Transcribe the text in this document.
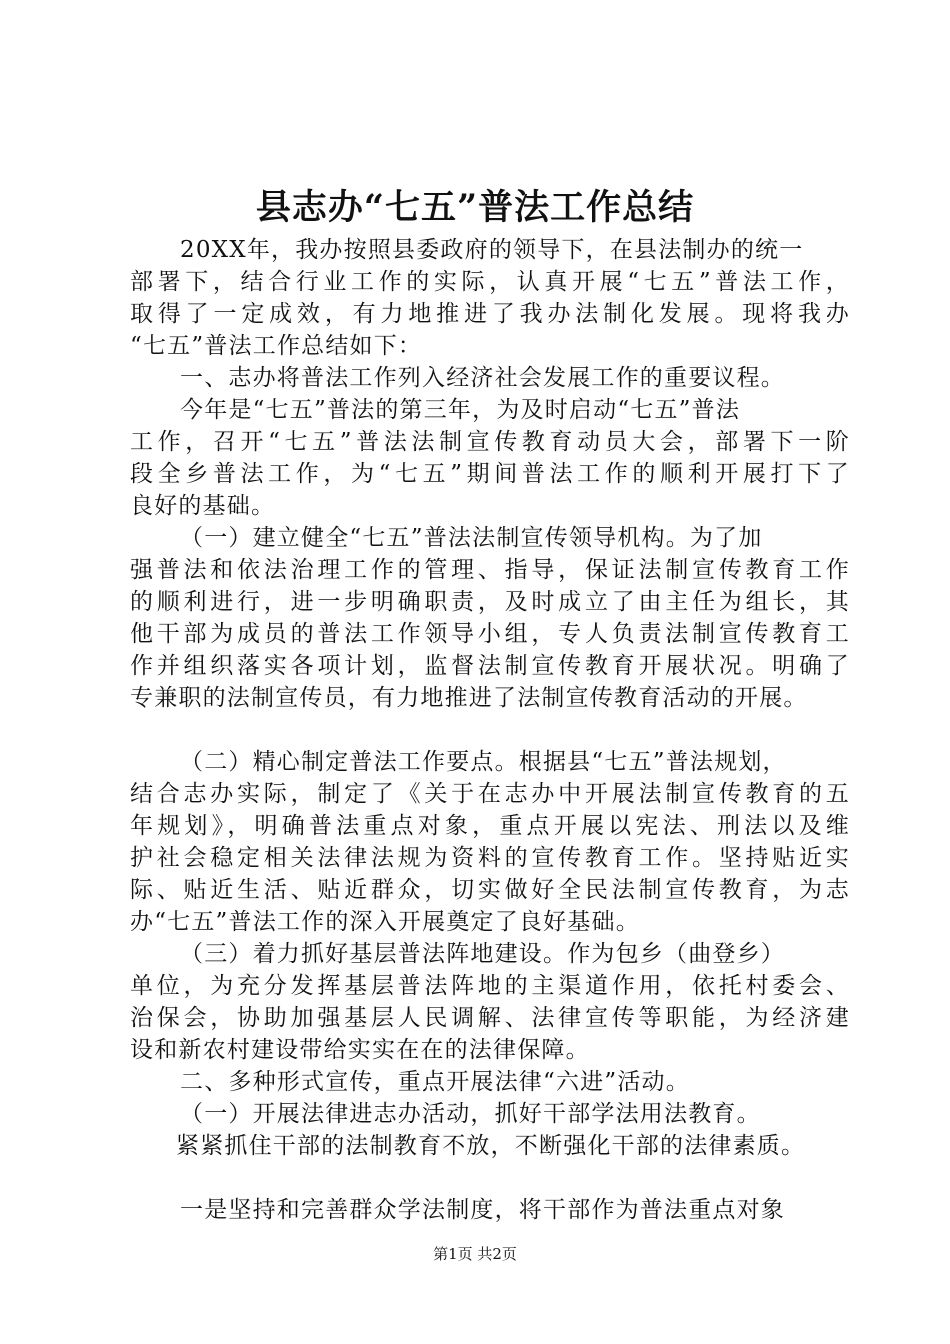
县志办“七五”普法工作总结
20XX年，我办按照县委政府的领导下，在县法制办的统一
部署下，结合行业工作的实际，认真开展“七五”普法工作，
取得了一定成效，有力地推进了我办法制化发展。现将我办
“七五”普法工作总结如下：
一、志办将普法工作列入经济社会发展工作的重要议程。
今年是“七五”普法的第三年，为及时启动“七五”普法
工作，召开“七五”普法法制宣传教育动员大会，部署下一阶
段全乡普法工作，为“七五”期间普法工作的顺利开展打下了
良好的基础。
（一）建立健全“七五”普法法制宣传领导机构。为了加
强普法和依法治理工作的管理、指导，保证法制宣传教育工作
的顺利进行，进一步明确职责，及时成立了由主任为组长，其
他干部为成员的普法工作领导小组，专人负责法制宣传教育工
作并组织落实各项计划，监督法制宣传教育开展状况。明确了
专兼职的法制宣传员，有力地推进了法制宣传教育活动的开展。
（二）精心制定普法工作要点。根据县“七五”普法规划，
结合志办实际，制定了《关于在志办中开展法制宣传教育的五
年规划》，明确普法重点对象，重点开展以宪法、刑法以及维
护社会稳定相关法律法规为资料的宣传教育工作。坚持贴近实
际、贴近生活、贴近群众，切实做好全民法制宣传教育，为志
办“七五”普法工作的深入开展奠定了良好基础。
（三）着力抓好基层普法阵地建设。作为包乡（曲登乡）
单位，为充分发挥基层普法阵地的主渠道作用，依托村委会、
治保会，协助加强基层人民调解、法律宣传等职能，为经济建
设和新农村建设带给实实在在的法律保障。
二、多种形式宣传，重点开展法律“六进”活动。
（一）开展法律进志办活动，抓好干部学法用法教育。
紧紧抓住干部的法制教育不放，不断强化干部的法律素质。
一是坚持和完善群众学法制度，将干部作为普法重点对象
第1页 共2页
